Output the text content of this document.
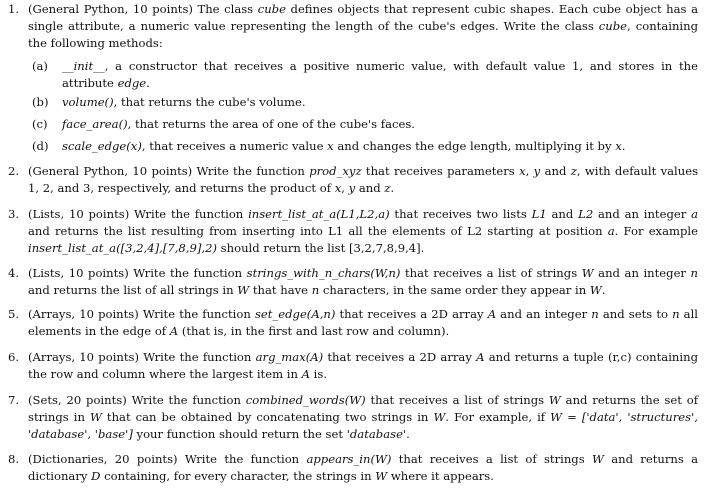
1. (General Python, 10 points) The class cube defines objects that represent cubic shapes. Each cube object has a single attribute, a numeric value representing the length of the cube's edges. Write the class cube, containing the following methods:
(a) __init__, a constructor that receives a positive numeric value, with default value 1, and stores in the attribute edge.
(b) volume(), that returns the cube's volume.
(c) face_area(), that returns the area of one of the cube's faces.
(d) scale_edge(x), that receives a numeric value x and changes the edge length, multiplying it by x.
2. (General Python, 10 points) Write the function prod_xyz that receives parameters x, y and z, with default values 1, 2, and 3, respectively, and returns the product of x, y and z.
3. (Lists, 10 points) Write the function insert_list_at_a(L1,L2,a) that receives two lists L1 and L2 and an integer a and returns the list resulting from inserting into L1 all the elements of L2 starting at position a. For example insert_list_at_a([3,2,4],[7,8,9],2) should return the list [3,2,7,8,9,4].
4. (Lists, 10 points) Write the function strings_with_n_chars(W,n) that receives a list of strings W and an integer n and returns the list of all strings in W that have n characters, in the same order they appear in W.
5. (Arrays, 10 points) Write the function set_edge(A,n) that receives a 2D array A and an integer n and sets to n all elements in the edge of A (that is, in the first and last row and column).
6. (Arrays, 10 points) Write the function arg_max(A) that receives a 2D array A and returns a tuple (r,c) containing the row and column where the largest item in A is.
7. (Sets, 20 points) Write the function combined_words(W) that receives a list of strings W and returns the set of strings in W that can be obtained by concatenating two strings in W. For example, if W = ['data', 'structures', 'database', 'base'] your function should return the set 'database'.
8. (Dictionaries, 20 points) Write the function appears_in(W) that receives a list of strings W and returns a dictionary D containing, for every character, the strings in W where it appears.
